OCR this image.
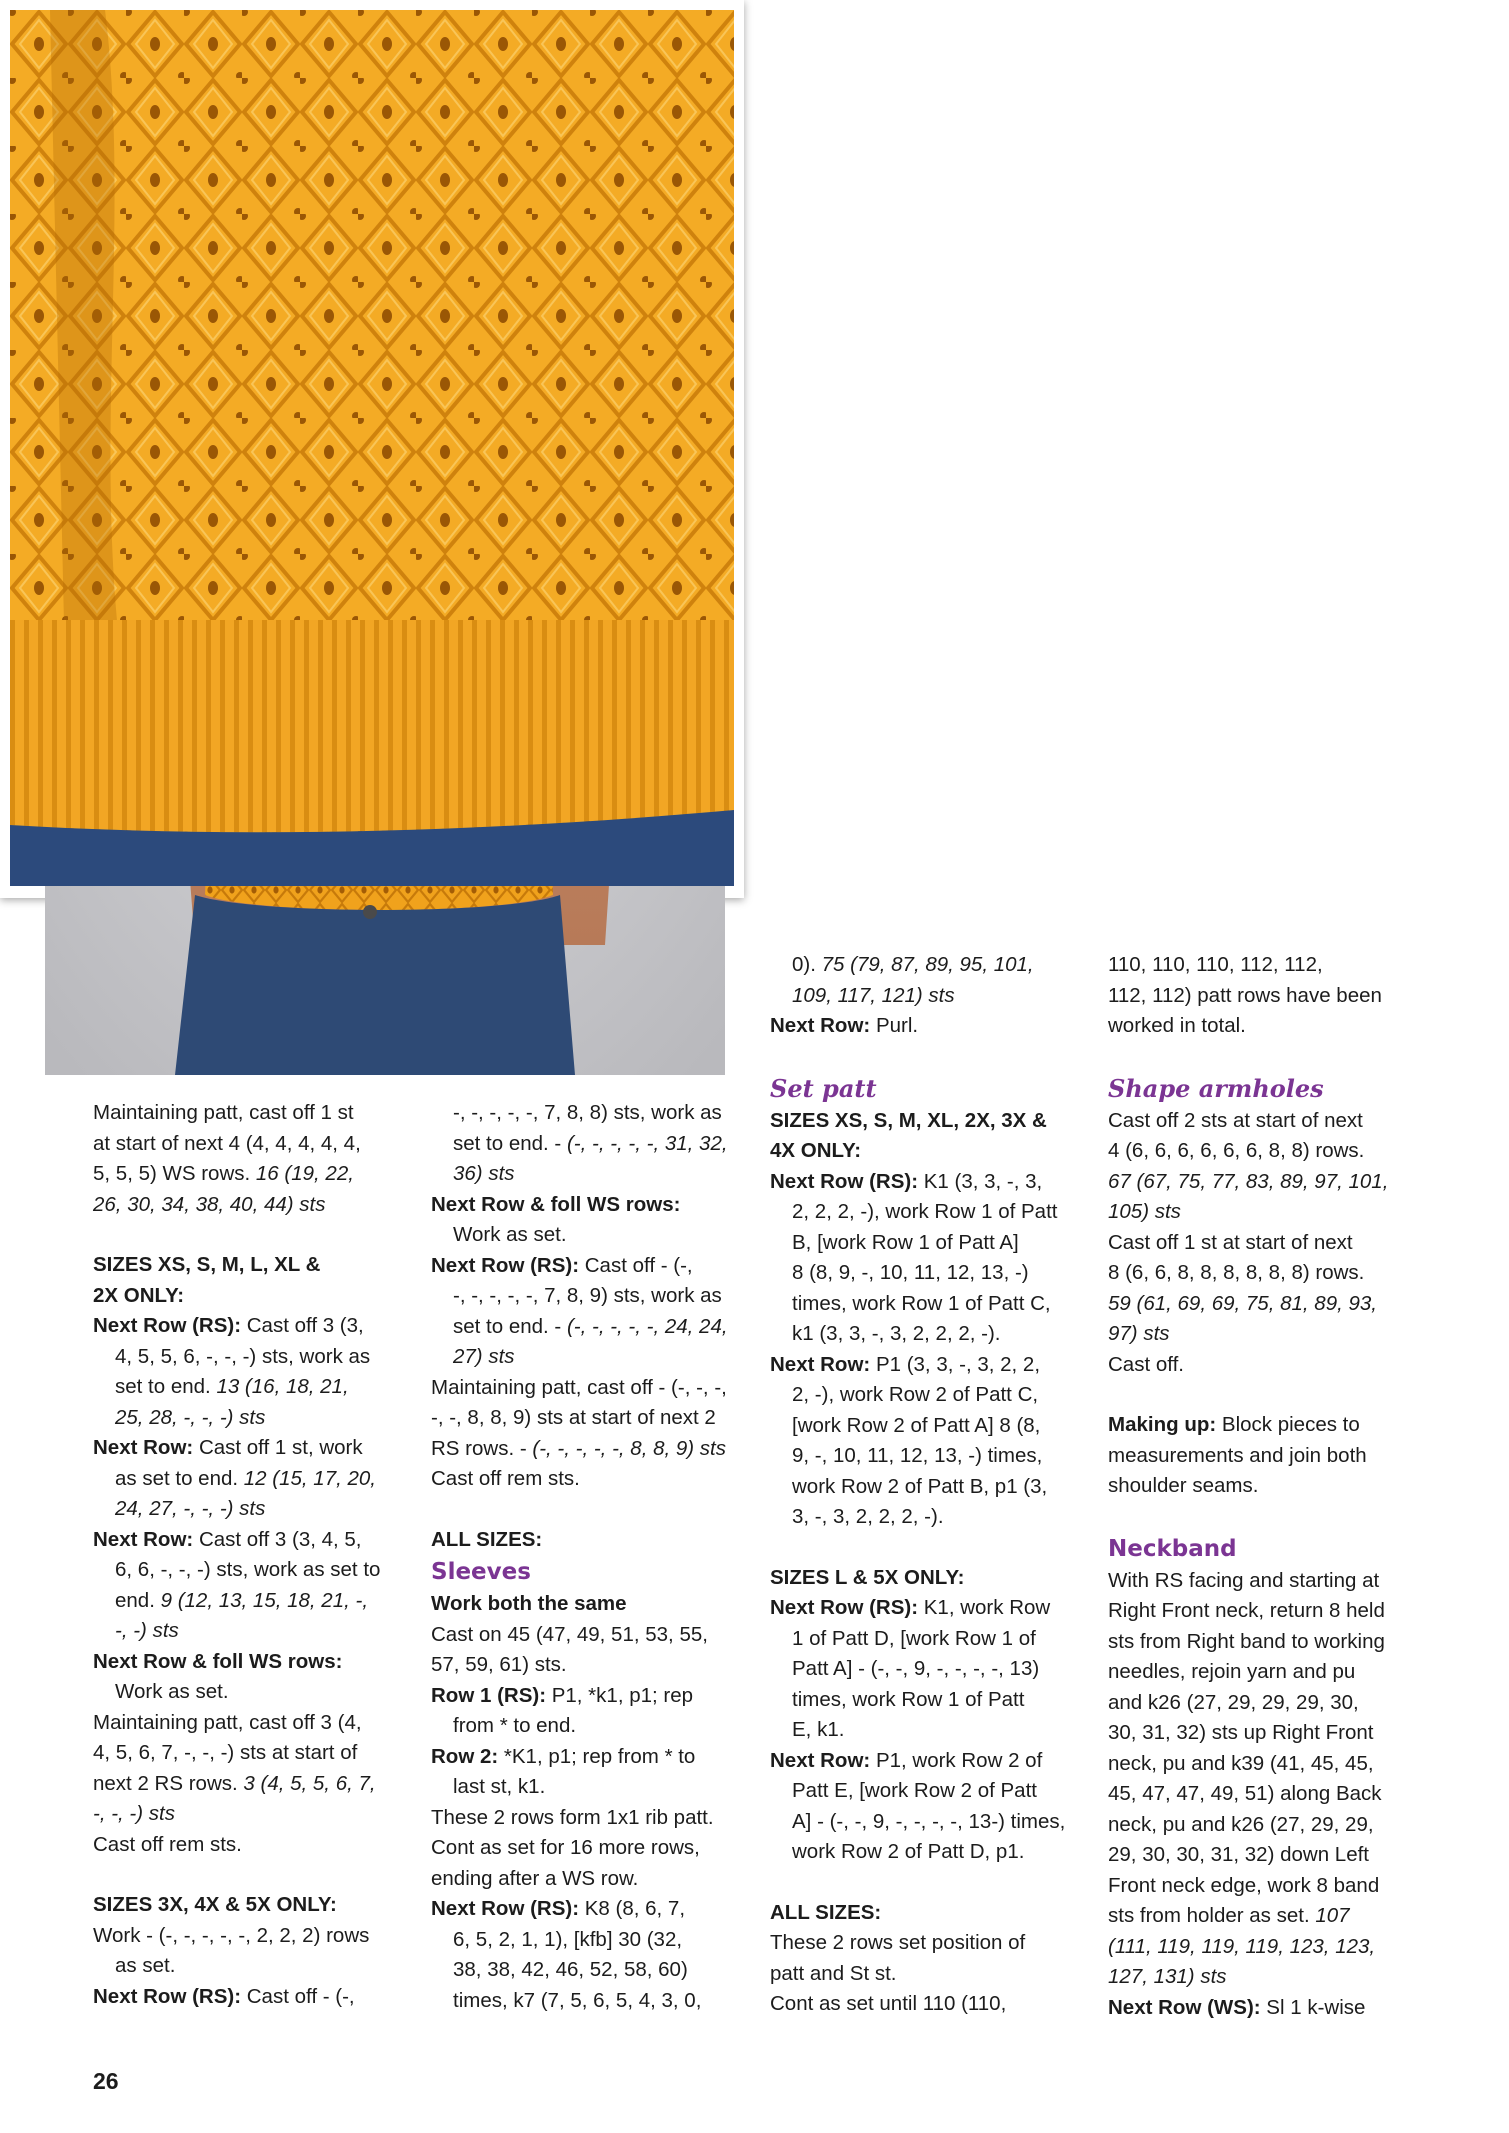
Maintaining patt, cast off 1 st

at start of next 4 (4, 4, 4, 4, 4,

5, 5, 5) WS rows. 16 (19, 22,

26, 30, 34, 38, 40, 44) sts

SIZES XS, S, M, L, XL &

2X ONLY:

Next Row (RS): Cast off 3 (3,

4, 5, 5, 6, -, -, -) sts, work as

set to end. 13 (16, 18, 21,

25, 28, -, -, -) sts

Next Row: Cast off 1 st, work

as set to end. 12 (15, 17, 20,

24, 27, -, -, -) sts

Next Row: Cast off 3 (3, 4, 5,

6, 6, -, -, -) sts, work as set to

end. 9 (12, 13, 15, 18, 21, -,

-, -) sts

Next Row & foll WS rows:

Work as set.

Maintaining patt, cast off 3 (4,

4, 5, 6, 7, -, -, -) sts at start of

next 2 RS rows. 3 (4, 5, 5, 6, 7,

-, -, -) sts

Cast off rem sts.

SIZES 3X, 4X & 5X ONLY:

Work - (-, -, -, -, -, 2, 2, 2) rows

as set.

Next Row (RS): Cast off - (-,

-, -, -, -, -, 7, 8, 8) sts, work as

set to end. - (-, -, -, -, -, 31, 32,

36) sts

Next Row & foll WS rows:

Work as set.

Next Row (RS): Cast off - (-,

-, -, -, -, -, 7, 8, 9) sts, work as

set to end. - (-, -, -, -, -, 24, 24,

27) sts

Maintaining patt, cast off - (-, -, -,

-, -, 8, 8, 9) sts at start of next 2

RS rows. - (-, -, -, -, -, 8, 8, 9) sts

Cast off rem sts.

ALL SIZES:

Sleeves

Work both the same

Cast on 45 (47, 49, 51, 53, 55,

57, 59, 61) sts.

Row 1 (RS): P1, *k1, p1; rep

from * to end.

Row 2: *K1, p1; rep from * to

last st, k1.

These 2 rows form 1x1 rib patt.

Cont as set for 16 more rows,

ending after a WS row.

Next Row (RS): K8 (8, 6, 7,

6, 5, 2, 1, 1), [kfb] 30 (32,

38, 38, 42, 46, 52, 58, 60)

times, k7 (7, 5, 6, 5, 4, 3, 0,

0). 75 (79, 87, 89, 95, 101,

109, 117, 121) sts

Next Row: Purl.

Set patt

SIZES XS, S, M, XL, 2X, 3X &

4X ONLY:

Next Row (RS): K1 (3, 3, -, 3,

2, 2, 2, -), work Row 1 of Patt

B, [work Row 1 of Patt A]

8 (8, 9, -, 10, 11, 12, 13, -)

times, work Row 1 of Patt C,

k1 (3, 3, -, 3, 2, 2, 2, -).

Next Row: P1 (3, 3, -, 3, 2, 2,

2, -), work Row 2 of Patt C,

[work Row 2 of Patt A] 8 (8,

9, -, 10, 11, 12, 13, -) times,

work Row 2 of Patt B, p1 (3,

3, -, 3, 2, 2, 2, -).

SIZES L & 5X ONLY:

Next Row (RS): K1, work Row

1 of Patt D, [work Row 1 of

Patt A] - (-, -, 9, -, -, -, -, 13)

times, work Row 1 of Patt

E, k1.

Next Row: P1, work Row 2 of

Patt E, [work Row 2 of Patt

A] - (-, -, 9, -, -, -, -, 13-) times,

work Row 2 of Patt D, p1.

ALL SIZES:

These 2 rows set position of

patt and St st.

Cont as set until 110 (110,

110, 110, 110, 112, 112,

112, 112) patt rows have been

worked in total.

Shape armholes

Cast off 2 sts at start of next

4 (6, 6, 6, 6, 6, 6, 8, 8) rows.

67 (67, 75, 77, 83, 89, 97, 101,

105) sts

Cast off 1 st at start of next

8 (6, 6, 8, 8, 8, 8, 8, 8) rows.

59 (61, 69, 69, 75, 81, 89, 93,

97) sts

Cast off.

Making up: Block pieces to

measurements and join both

shoulder seams.

Neckband

With RS facing and starting at

Right Front neck, return 8 held

sts from Right band to working

needles, rejoin yarn and pu

and k26 (27, 29, 29, 29, 30,

30, 31, 32) sts up Right Front

neck, pu and k39 (41, 45, 45,

45, 47, 47, 49, 51) along Back

neck, pu and k26 (27, 29, 29,

29, 30, 30, 31, 32) down Left

Front neck edge, work 8 band

sts from holder as set. 107

(111, 119, 119, 119, 123, 123,

127, 131) sts

Next Row (WS): Sl 1 k-wise

26
